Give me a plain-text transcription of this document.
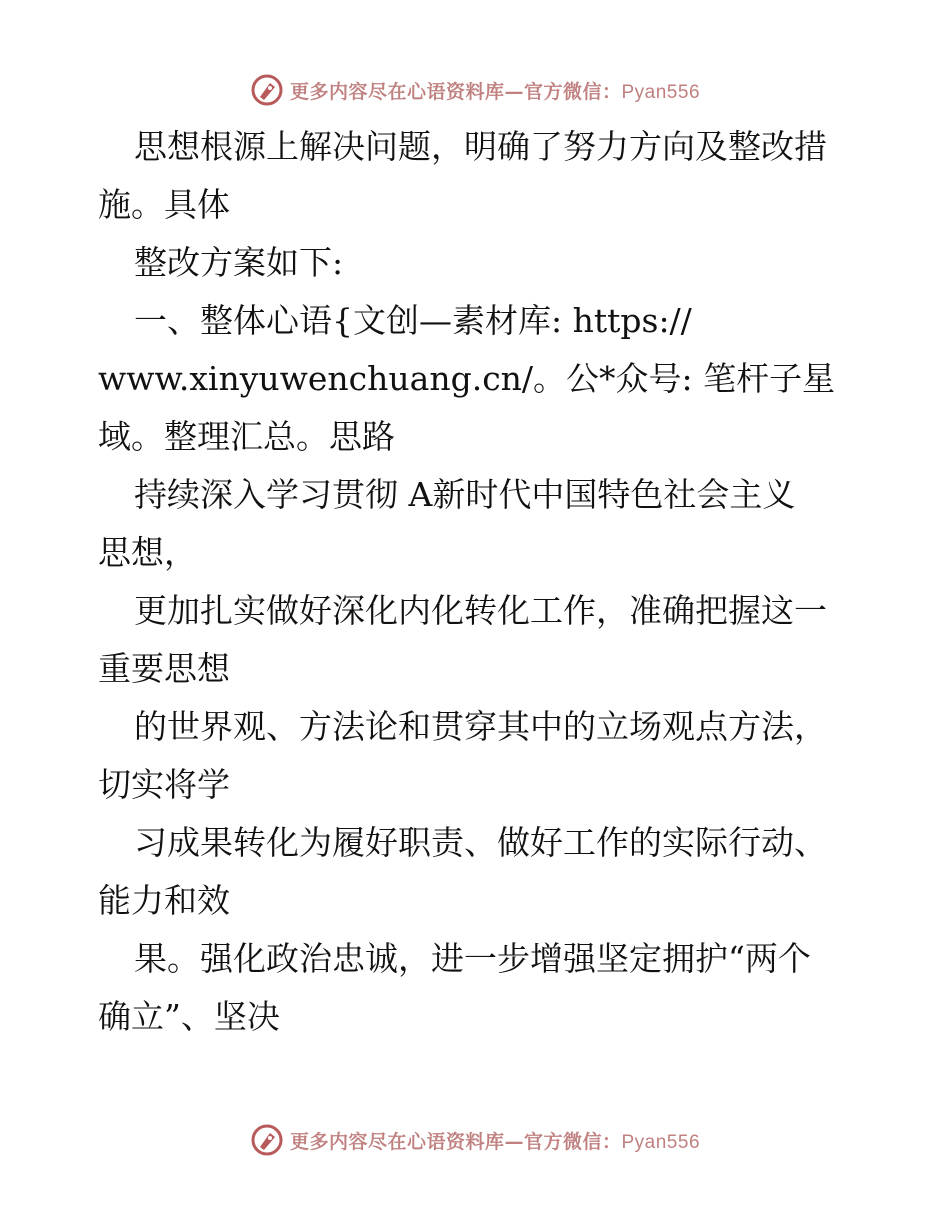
更多内容尽在心语资料库—官方微信：Pyan556
思想根源上解决问题，明确了努力方向及整改措
施。具体
整改方案如下:
一、整体心语{文创—素材库: https://
www.xinyuwenchuang.cn/。公*众号: 笔杆子星
域。整理汇总。思路
持续深入学习贯彻 A新时代中国特色社会主义
思想，
更加扎实做好深化内化转化工作，准确把握这一
重要思想
的世界观、方法论和贯穿其中的立场观点方法，
切实将学
习成果转化为履好职责、做好工作的实际行动、
能力和效
果。强化政治忠诚，进一步增强坚定拥护“两个
确立”、坚决
更多内容尽在心语资料库—官方微信：Pyan556
